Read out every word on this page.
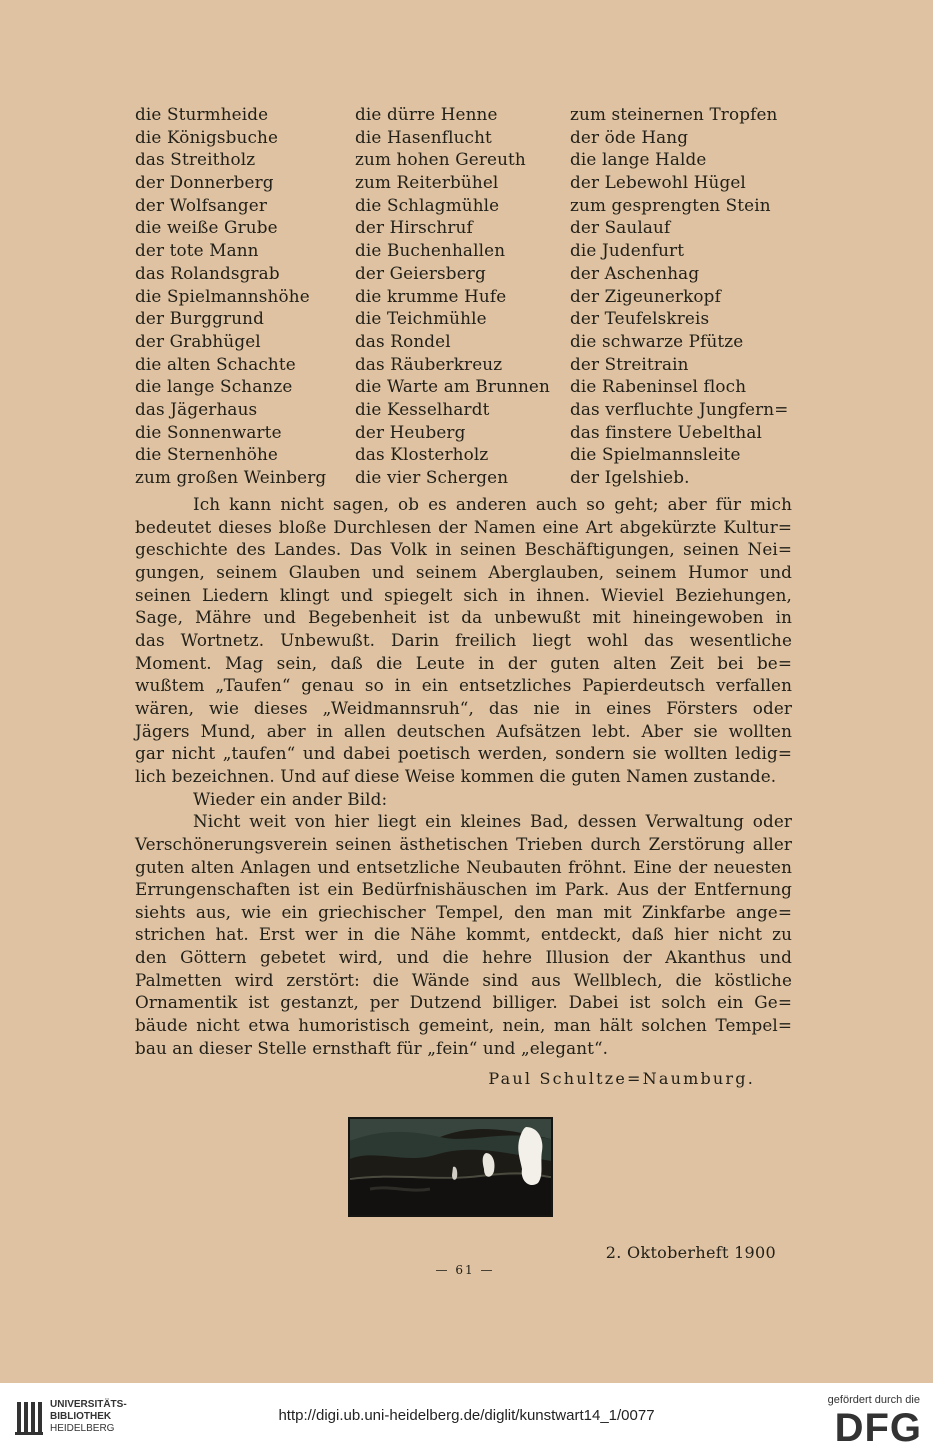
die Sturmheide	die dürre Henne	zum steinernen Tropfen
die Königsbuche	die Hasenflucht	der öde Hang
das Streitholz	zum hohen Gereuth	die lange Halde
der Donnerberg	zum Reiterbühel	der Lebewohl Hügel
der Wolfsanger	die Schlagmühle	zum gesprengten Stein
die weiße Grube	der Hirschruf	der Saulauf
der tote Mann	die Buchenhallen	die Judenfurt
das Rolandsgrab	der Geiersberg	der Aschenhag
die Spielmannshöhe	die krumme Hufe	der Zigeunerkopf
der Burggrund	die Teichmühle	der Teufelskreis
der Grabhügel	das Rondel	die schwarze Pfütze
die alten Schachte	das Räuberkreuz	der Streitrain
die lange Schanze	die Warte am Brunnen	die Rabeninsel floch
das Jägerhaus	die Kesselhardt	das verfluchte Jungfern=
die Sonnenwarte	der Heuberg	das finstere Uebelthal
die Sternenhöhe	das Klosterholz	die Spielmannsleite
zum großen Weinberg	die vier Schergen	der Igelshieb.

Ich kann nicht sagen, ob es anderen auch so geht; aber für mich

bedeutet dieses bloße Durchlesen der Namen eine Art abgekürzte Kultur=

geschichte des Landes. Das Volk in seinen Beschäftigungen, seinen Nei=

gungen, seinem Glauben und seinem Aberglauben, seinem Humor und

seinen Liedern klingt und spiegelt sich in ihnen. Wieviel Beziehungen,

Sage, Mähre und Begebenheit ist da unbewußt mit hineingewoben in

das Wortnetz. Unbewußt. Darin freilich liegt wohl das wesentliche

Moment. Mag sein, daß die Leute in der guten alten Zeit bei be=

wußtem „Taufen“ genau so in ein entsetzliches Papierdeutsch verfallen

wären, wie dieses „Weidmannsruh“, das nie in eines Försters oder

Jägers Mund, aber in allen deutschen Aufsätzen lebt. Aber sie wollten

gar nicht „taufen“ und dabei poetisch werden, sondern sie wollten ledig=

lich bezeichnen. Und auf diese Weise kommen die guten Namen zustande.

Wieder ein ander Bild:

Nicht weit von hier liegt ein kleines Bad, dessen Verwaltung oder

Verschönerungsverein seinen ästhetischen Trieben durch Zerstörung aller

guten alten Anlagen und entsetzliche Neubauten fröhnt. Eine der neuesten

Errungenschaften ist ein Bedürfnishäuschen im Park. Aus der Entfernung

siehts aus, wie ein griechischer Tempel, den man mit Zinkfarbe ange=

strichen hat. Erst wer in die Nähe kommt, entdeckt, daß hier nicht zu

den Göttern gebetet wird, und die hehre Illusion der Akanthus und

Palmetten wird zerstört: die Wände sind aus Wellblech, die köstliche

Ornamentik ist gestanzt, per Dutzend billiger. Dabei ist solch ein Ge=

bäude nicht etwa humoristisch gemeint, nein, man hält solchen Tempel=

bau an dieser Stelle ernsthaft für „fein“ und „elegant“.

Paul Schultze=Naumburg.
2. Oktoberheft 1900
— 61 —
UNIVERSITÄTS-
BIBLIOTHEK
HEIDELBERG
http://digi.ub.uni-heidelberg.de/diglit/kunstwart14_1/0077
gefördert durch die
DFG
